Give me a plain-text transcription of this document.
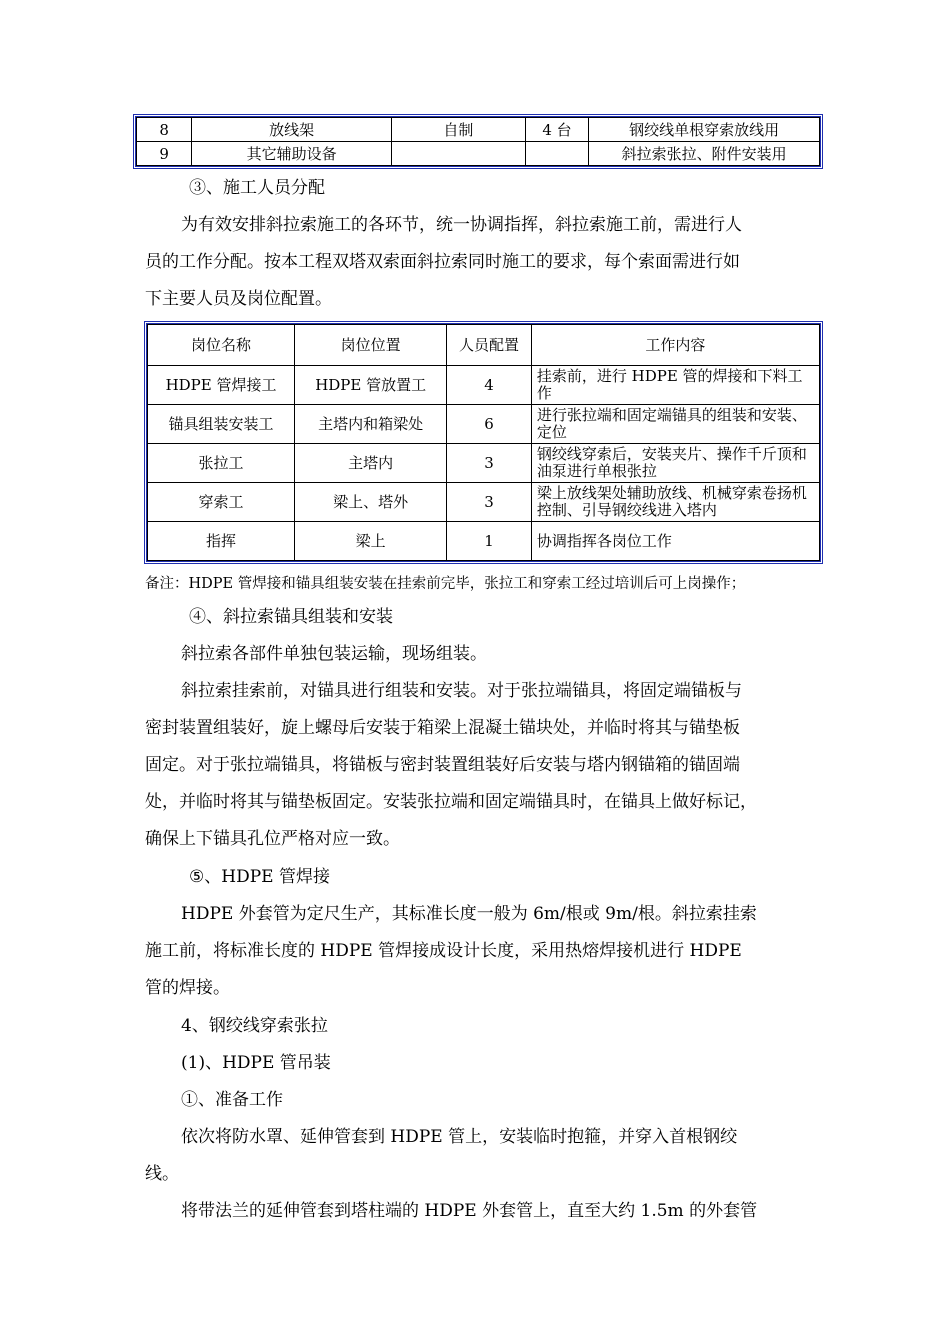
8	放线架	自制	4 台	钢绞线单根穿索放线用
9	其它辅助设备			斜拉索张拉、附件安装用
③、施工人员分配
为有效安排斜拉索施工的各环节，统一协调指挥，斜拉索施工前，需进行人
员的工作分配。按本工程双塔双索面斜拉索同时施工的要求，每个索面需进行如
下主要人员及岗位配置。
岗位名称	岗位位置	人员配置	工作内容
HDPE 管焊接工	HDPE 管放置工	4	挂索前，进行 HDPE 管的焊接和下料工作
锚具组装安装工	主塔内和箱梁处	6	进行张拉端和固定端锚具的组装和安装、定位
张拉工	主塔内	3	钢绞线穿索后，安装夹片、操作千斤顶和油泵进行单根张拉
穿索工	梁上、塔外	3	梁上放线架处辅助放线、机械穿索卷扬机控制、引导钢绞线进入塔内
指挥	梁上	1	协调指挥各岗位工作
备注：HDPE 管焊接和锚具组装安装在挂索前完毕，张拉工和穿索工经过培训后可上岗操作；
④、斜拉索锚具组装和安装
斜拉索各部件单独包装运输，现场组装。
斜拉索挂索前，对锚具进行组装和安装。对于张拉端锚具，将固定端锚板与
密封装置组装好，旋上螺母后安装于箱梁上混凝土锚块处，并临时将其与锚垫板
固定。对于张拉端锚具，将锚板与密封装置组装好后安装与塔内钢锚箱的锚固端
处，并临时将其与锚垫板固定。安装张拉端和固定端锚具时，在锚具上做好标记，
确保上下锚具孔位严格对应一致。
⑤、HDPE 管焊接
HDPE 外套管为定尺生产，其标准长度一般为 6m/根或 9m/根。斜拉索挂索
施工前，将标准长度的 HDPE 管焊接成设计长度，采用热熔焊接机进行 HDPE
管的焊接。
4、钢绞线穿索张拉
(1)、HDPE 管吊装
①、准备工作
依次将防水罩、延伸管套到 HDPE 管上，安装临时抱箍，并穿入首根钢绞
线。
将带法兰的延伸管套到塔柱端的 HDPE 外套管上，直至大约 1.5m 的外套管
